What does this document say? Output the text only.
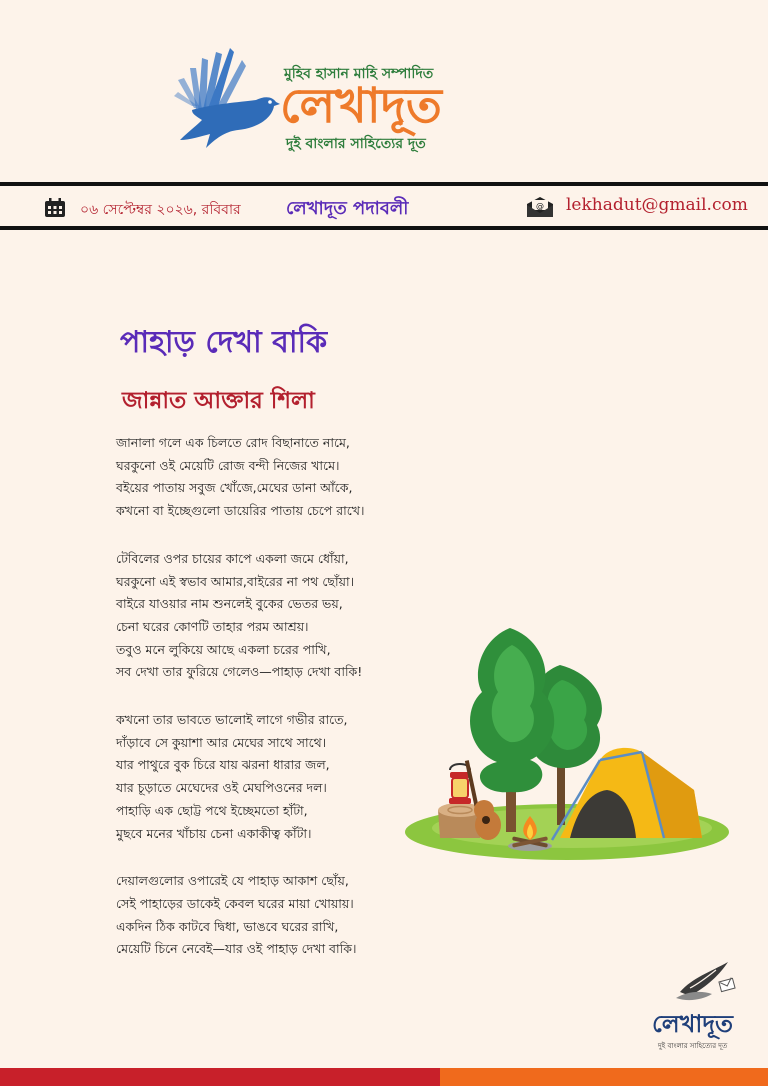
মুহিব হাসান মাহি সম্পাদিত
লেখাদূত
দুই বাংলার সাহিত্যের দূত
০৬ সেপ্টেম্বর ২০২৬, রবিবার	লেখাদূত পদাবলী	@ lekhadut@gmail.com
পাহাড় দেখা বাকি
জান্নাত আক্তার শিলা
জানালা গলে এক চিলতে রোদ বিছানাতে নামে,
ঘরকুনো ওই মেয়েটি রোজ বন্দী নিজের খামে।
বইয়ের পাতায় সবুজ খোঁজে,মেঘের ডানা আঁকে,
কখনো বা ইচ্ছেগুলো ডায়েরির পাতায় চেপে রাখে।
টেবিলের ওপর চায়ের কাপে একলা জমে ধোঁয়া,
ঘরকুনো এই স্বভাব আমার,বাইরের না পথ ছোঁয়া।
বাইরে যাওয়ার নাম শুনলেই বুকের ভেতর ভয়,
চেনা ঘরের কোণটি তাহার পরম আশ্রয়।
তবুও মনে লুকিয়ে আছে একলা চরের পাখি,
সব দেখা তার ফুরিয়ে গেলেও—পাহাড় দেখা বাকি!
কখনো তার ভাবতে ভালোই লাগে গভীর রাতে,
দাঁড়াবে সে কুয়াশা আর মেঘের সাথে সাথে।
যার পাথুরে বুক চিরে যায় ঝরনা ধারার জল,
যার চূড়াতে মেঘেদের ওই মেঘপিওনের দল।
পাহাড়ি এক ছোট্ট পথে ইচ্ছেমতো হাঁটা,
মুছবে মনের খাঁচায় চেনা একাকীত্ব কাঁটা।
দেয়ালগুলোর ওপারেই যে পাহাড় আকাশ ছোঁয়,
সেই পাহাড়ের ডাকেই কেবল ঘরের মায়া খোয়ায়।
একদিন ঠিক কাটবে দ্বিধা, ভাঙবে ঘরের রাখি,
মেয়েটি চিনে নেবেই—যার ওই পাহাড় দেখা বাকি।
লেখাদূত
দুই বাংলার সাহিত্যের দূত
